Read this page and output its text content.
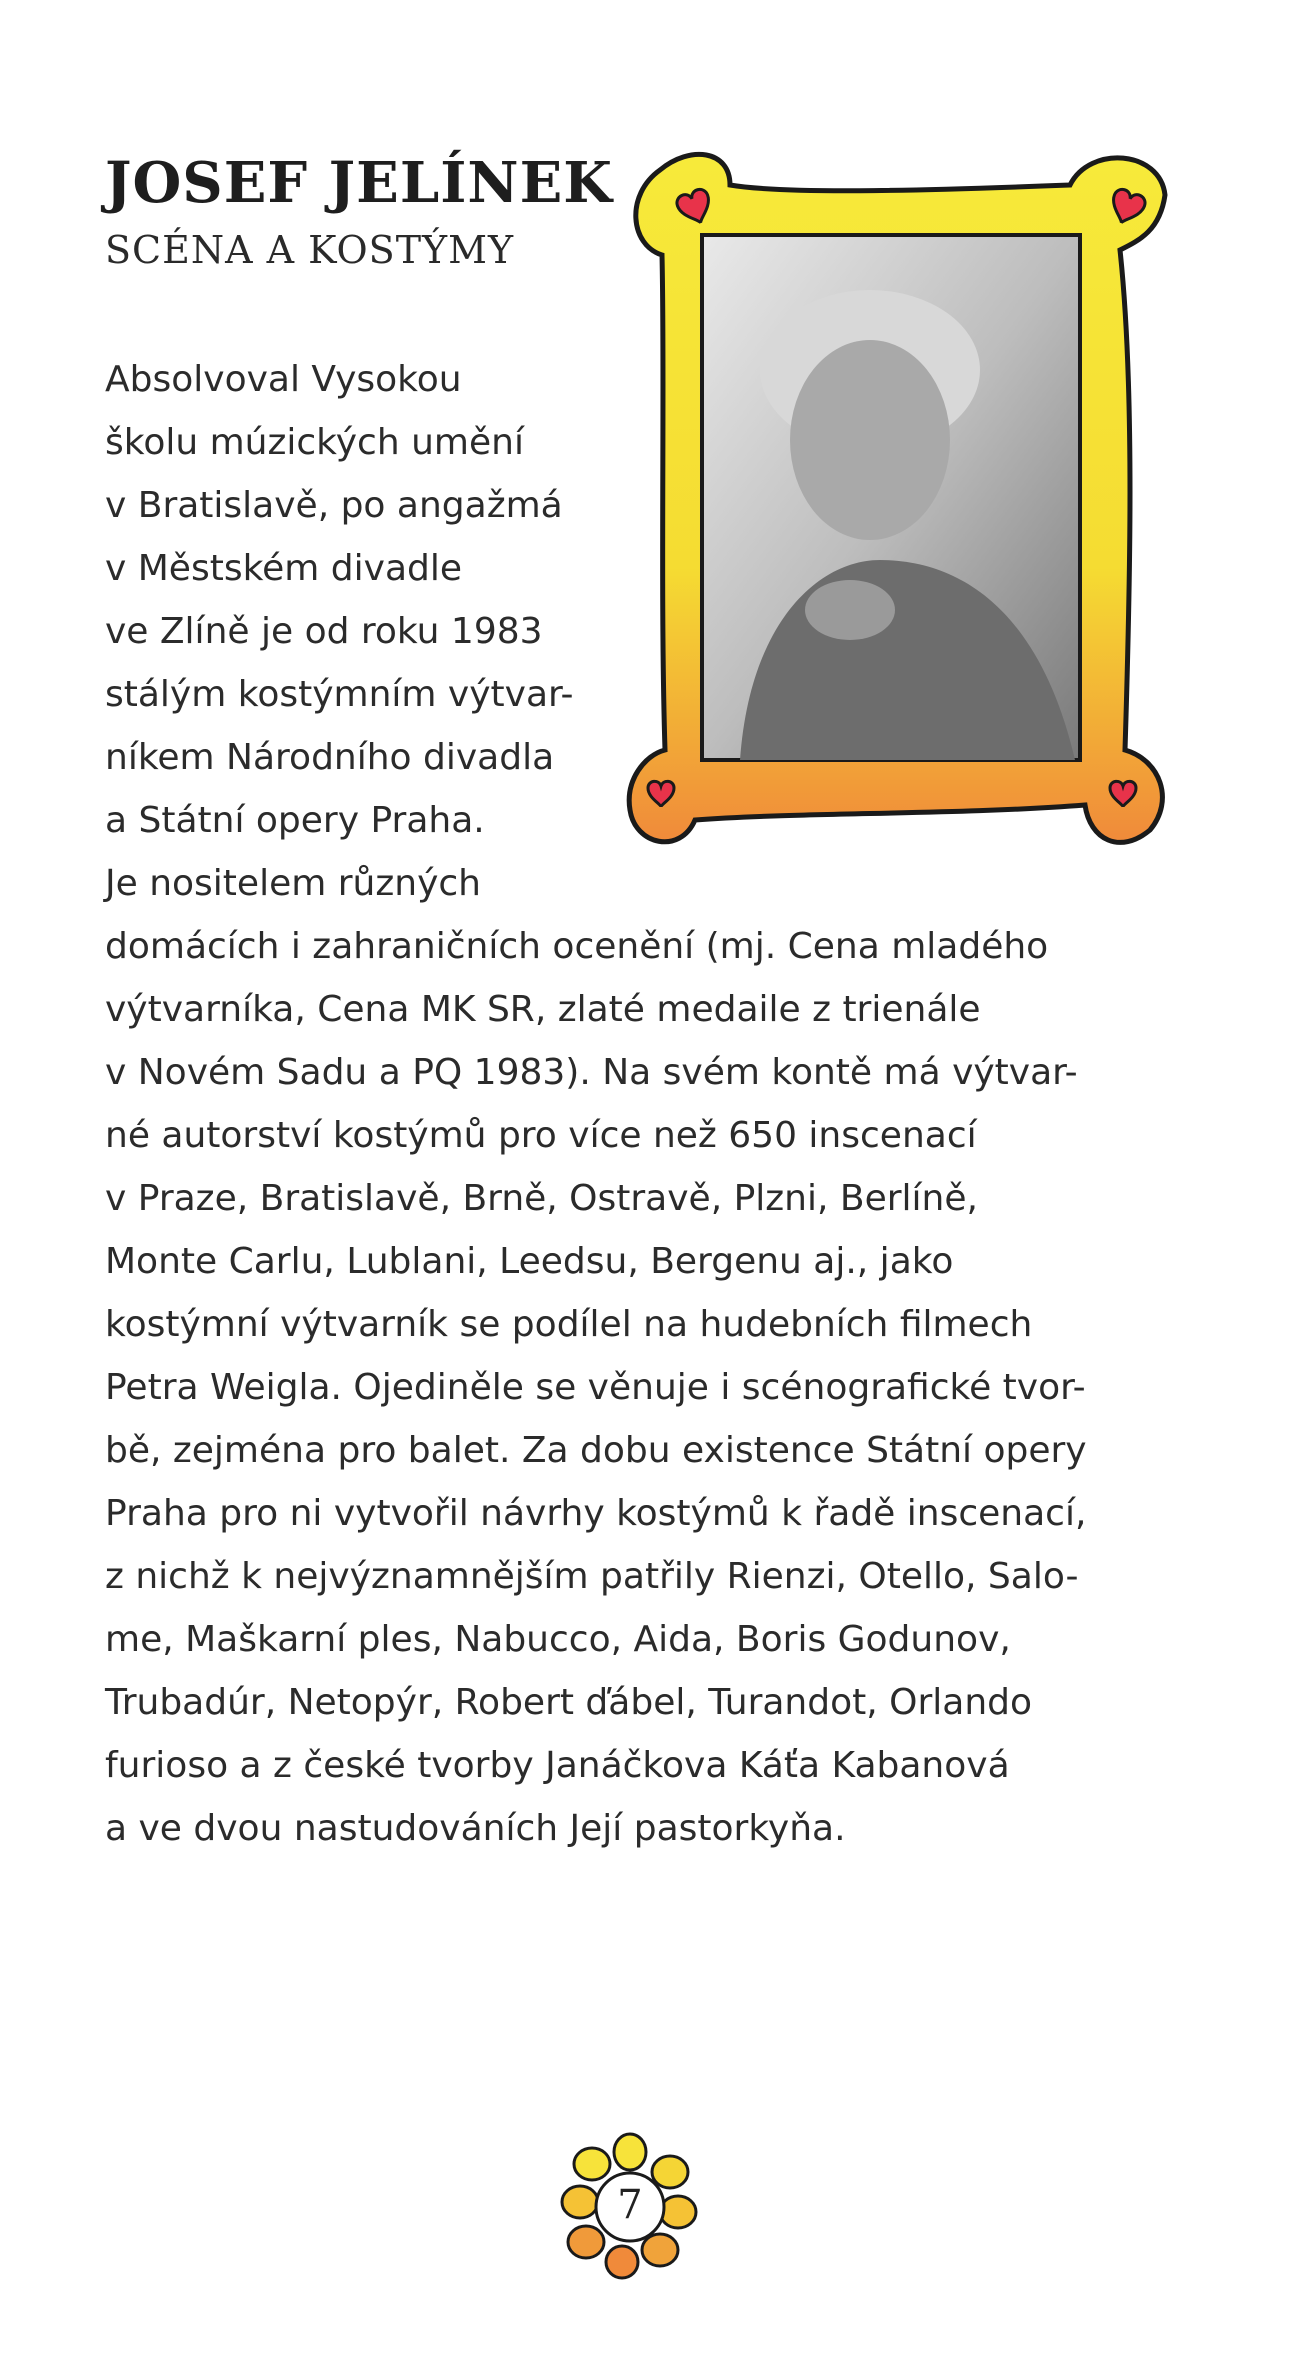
JOSEF JELÍNEK
SCÉNA A KOSTÝMY

Absolvoval Vysokou

školu múzických umění

v Bratislavě, po angažmá

v Městském divadle

ve Zlíně je od roku 1983

stálým kostýmním výtvar-

níkem Národního divadla

a Státní opery Praha.

Je nositelem různých

domácích i zahraničních ocenění (mj. Cena mladého

výtvarníka, Cena MK SR, zlaté medaile z trienále

v Novém Sadu a PQ 1983). Na svém kontě má výtvar-

né autorství kostýmů pro více než 650 inscenací

v Praze, Bratislavě, Brně, Ostravě, Plzni, Berlíně,

Monte Carlu, Lublani, Leedsu, Bergenu aj., jako

kostýmní výtvarník se podílel na hudebních filmech

Petra Weigla. Ojediněle se věnuje i scénografické tvor-

bě, zejména pro balet. Za dobu existence Státní opery

Praha pro ni vytvořil návrhy kostýmů k řadě inscenací,

z nichž k nejvýznamnějším patřily Rienzi, Otello, Salo-

me, Maškarní ples, Nabucco, Aida, Boris Godunov,

Trubadúr, Netopýr, Robert ďábel, Turandot, Orlando

furioso a z české tvorby Janáčkova Káťa Kabanová

a ve dvou nastudováních Její pastorkyňa.

7
